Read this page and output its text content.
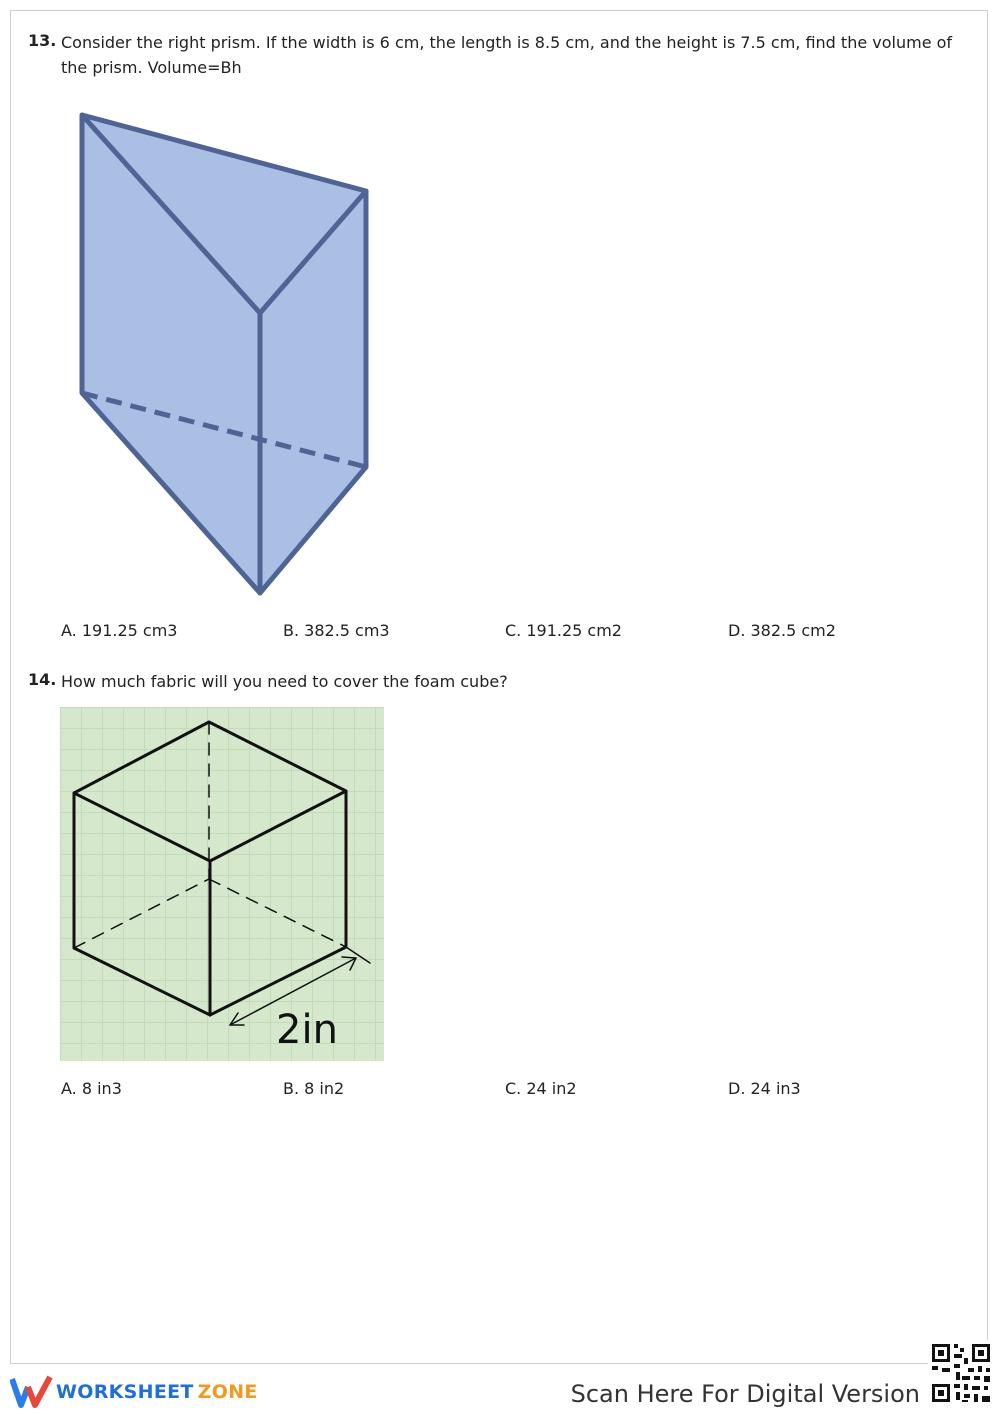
13. Consider the right prism. If the width is 6 cm, the length is 8.5 cm, and the height is 7.5 cm, find the volume of
the prism. Volume=Bh
A. 191.25 cm3	B. 382.5 cm3	C. 191.25 cm2	D. 382.5 cm2
14. How much fabric will you need to cover the foam cube?
2in
A. 8 in3	B. 8 in2	C. 24 in2	D. 24 in3
WORKSHEET ZONE	Scan Here For Digital Version
